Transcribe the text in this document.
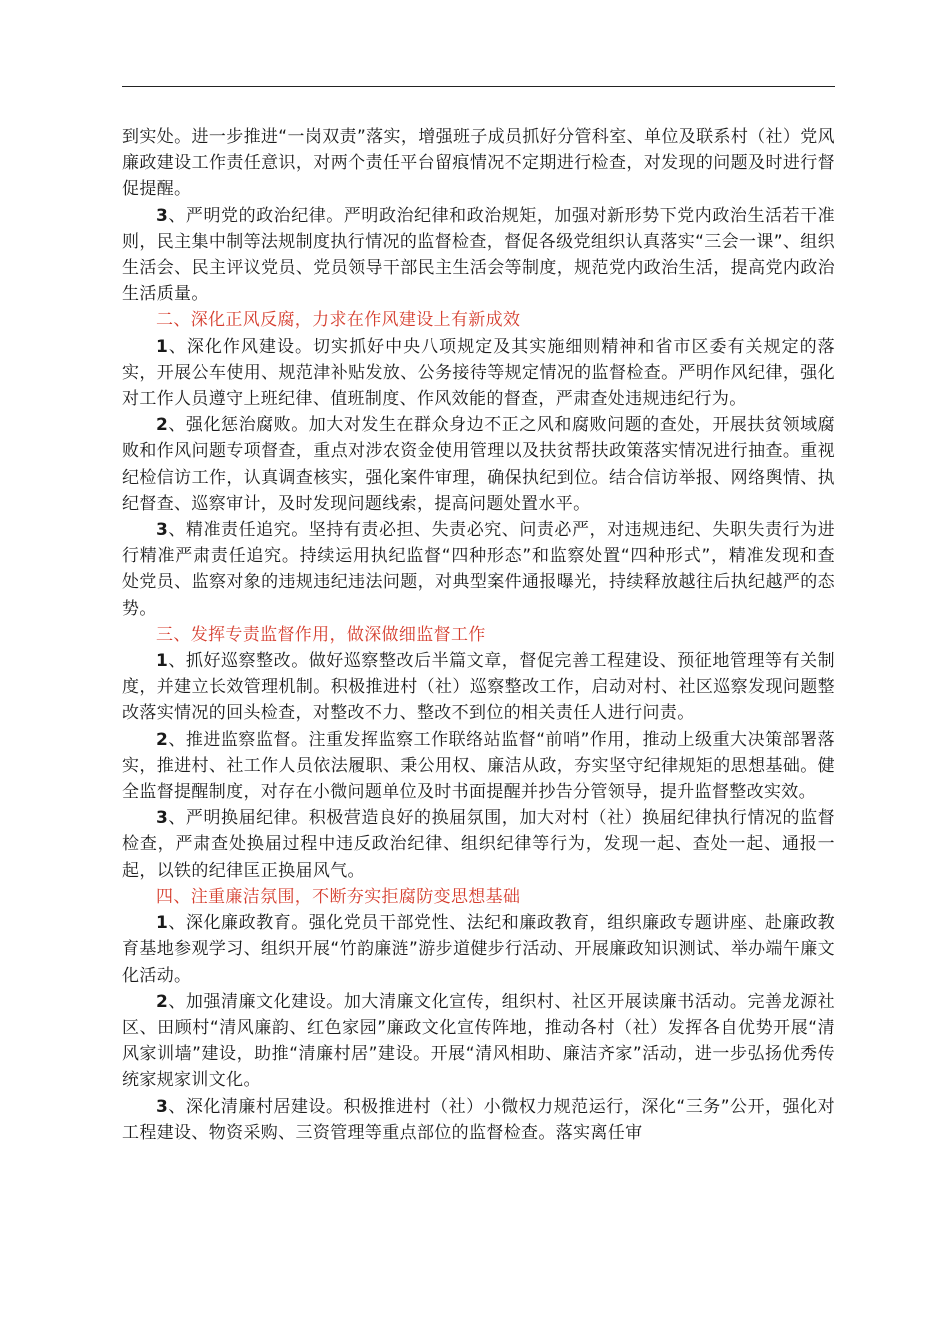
到实处。进一步推进“一岗双责”落实，增强班子成员抓好分管科室、单位及联系村（社）党风廉政建设工作责任意识，对两个责任平台留痕情况不定期进行检查，对发现的问题及时进行督促提醒。

3、严明党的政治纪律。严明政治纪律和政治规矩，加强对新形势下党内政治生活若干准则，民主集中制等法规制度执行情况的监督检查，督促各级党组织认真落实“三会一课”、组织生活会、民主评议党员、党员领导干部民主生活会等制度，规范党内政治生活，提高党内政治生活质量。

二、深化正风反腐，力求在作风建设上有新成效

1、深化作风建设。切实抓好中央八项规定及其实施细则精神和省市区委有关规定的落实，开展公车使用、规范津补贴发放、公务接待等规定情况的监督检查。严明作风纪律，强化对工作人员遵守上班纪律、值班制度、作风效能的督查，严肃查处违规违纪行为。

2、强化惩治腐败。加大对发生在群众身边不正之风和腐败问题的查处，开展扶贫领域腐败和作风问题专项督查，重点对涉农资金使用管理以及扶贫帮扶政策落实情况进行抽查。重视纪检信访工作，认真调查核实，强化案件审理，确保执纪到位。结合信访举报、网络舆情、执纪督查、巡察审计，及时发现问题线索，提高问题处置水平。

3、精准责任追究。坚持有责必担、失责必究、问责必严，对违规违纪、失职失责行为进行精准严肃责任追究。持续运用执纪监督“四种形态”和监察处置“四种形式”，精准发现和查处党员、监察对象的违规违纪违法问题，对典型案件通报曝光，持续释放越往后执纪越严的态势。

三、发挥专责监督作用，做深做细监督工作

1、抓好巡察整改。做好巡察整改后半篇文章，督促完善工程建设、预征地管理等有关制度，并建立长效管理机制。积极推进村（社）巡察整改工作，启动对村、社区巡察发现问题整改落实情况的回头检查，对整改不力、整改不到位的相关责任人进行问责。

2、推进监察监督。注重发挥监察工作联络站监督“前哨”作用，推动上级重大决策部署落实，推进村、社工作人员依法履职、秉公用权、廉洁从政，夯实坚守纪律规矩的思想基础。健全监督提醒制度，对存在小微问题单位及时书面提醒并抄告分管领导，提升监督整改实效。

3、严明换届纪律。积极营造良好的换届氛围，加大对村（社）换届纪律执行情况的监督检查，严肃查处换届过程中违反政治纪律、组织纪律等行为，发现一起、查处一起、通报一起，以铁的纪律匡正换届风气。

四、注重廉洁氛围，不断夯实拒腐防变思想基础

1、深化廉政教育。强化党员干部党性、法纪和廉政教育，组织廉政专题讲座、赴廉政教育基地参观学习、组织开展“竹韵廉涟”游步道健步行活动、开展廉政知识测试、举办端午廉文化活动。

2、加强清廉文化建设。加大清廉文化宣传，组织村、社区开展读廉书活动。完善龙源社区、田顾村“清风廉韵、红色家园”廉政文化宣传阵地，推动各村（社）发挥各自优势开展“清风家训墙”建设，助推“清廉村居”建设。开展“清风相助、廉洁齐家”活动，进一步弘扬优秀传统家规家训文化。

3、深化清廉村居建设。积极推进村（社）小微权力规范运行，深化“三务”公开，强化对工程建设、物资采购、三资管理等重点部位的监督检查。落实离任审
